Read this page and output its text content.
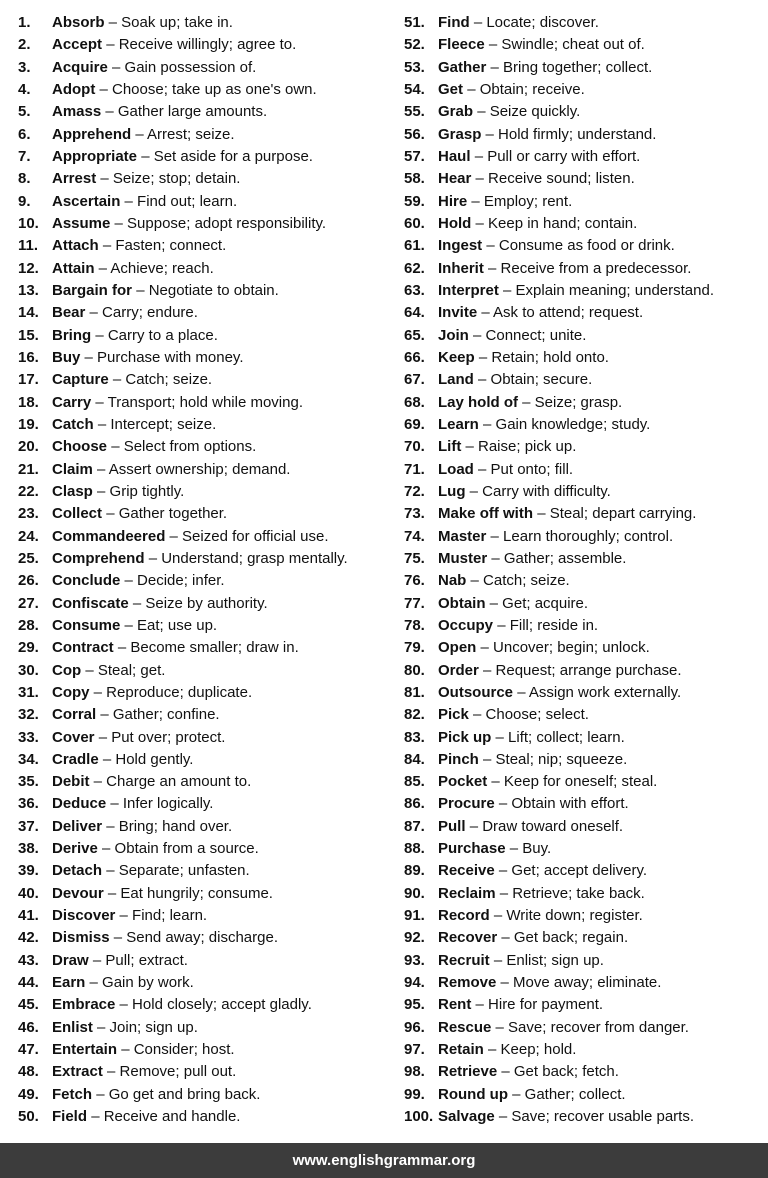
1. Absorb – Soak up; take in.
2. Accept – Receive willingly; agree to.
3. Acquire – Gain possession of.
4. Adopt – Choose; take up as one's own.
5. Amass – Gather large amounts.
6. Apprehend – Arrest; seize.
7. Appropriate – Set aside for a purpose.
8. Arrest – Seize; stop; detain.
9. Ascertain – Find out; learn.
10. Assume – Suppose; adopt responsibility.
11. Attach – Fasten; connect.
12. Attain – Achieve; reach.
13. Bargain for – Negotiate to obtain.
14. Bear – Carry; endure.
15. Bring – Carry to a place.
16. Buy – Purchase with money.
17. Capture – Catch; seize.
18. Carry – Transport; hold while moving.
19. Catch – Intercept; seize.
20. Choose – Select from options.
21. Claim – Assert ownership; demand.
22. Clasp – Grip tightly.
23. Collect – Gather together.
24. Commandeered – Seized for official use.
25. Comprehend – Understand; grasp mentally.
26. Conclude – Decide; infer.
27. Confiscate – Seize by authority.
28. Consume – Eat; use up.
29. Contract – Become smaller; draw in.
30. Cop – Steal; get.
31. Copy – Reproduce; duplicate.
32. Corral – Gather; confine.
33. Cover – Put over; protect.
34. Cradle – Hold gently.
35. Debit – Charge an amount to.
36. Deduce – Infer logically.
37. Deliver – Bring; hand over.
38. Derive – Obtain from a source.
39. Detach – Separate; unfasten.
40. Devour – Eat hungrily; consume.
41. Discover – Find; learn.
42. Dismiss – Send away; discharge.
43. Draw – Pull; extract.
44. Earn – Gain by work.
45. Embrace – Hold closely; accept gladly.
46. Enlist – Join; sign up.
47. Entertain – Consider; host.
48. Extract – Remove; pull out.
49. Fetch – Go get and bring back.
50. Field – Receive and handle.
51. Find – Locate; discover.
52. Fleece – Swindle; cheat out of.
53. Gather – Bring together; collect.
54. Get – Obtain; receive.
55. Grab – Seize quickly.
56. Grasp – Hold firmly; understand.
57. Haul – Pull or carry with effort.
58. Hear – Receive sound; listen.
59. Hire – Employ; rent.
60. Hold – Keep in hand; contain.
61. Ingest – Consume as food or drink.
62. Inherit – Receive from a predecessor.
63. Interpret – Explain meaning; understand.
64. Invite – Ask to attend; request.
65. Join – Connect; unite.
66. Keep – Retain; hold onto.
67. Land – Obtain; secure.
68. Lay hold of – Seize; grasp.
69. Learn – Gain knowledge; study.
70. Lift – Raise; pick up.
71. Load – Put onto; fill.
72. Lug – Carry with difficulty.
73. Make off with – Steal; depart carrying.
74. Master – Learn thoroughly; control.
75. Muster – Gather; assemble.
76. Nab – Catch; seize.
77. Obtain – Get; acquire.
78. Occupy – Fill; reside in.
79. Open – Uncover; begin; unlock.
80. Order – Request; arrange purchase.
81. Outsource – Assign work externally.
82. Pick – Choose; select.
83. Pick up – Lift; collect; learn.
84. Pinch – Steal; nip; squeeze.
85. Pocket – Keep for oneself; steal.
86. Procure – Obtain with effort.
87. Pull – Draw toward oneself.
88. Purchase – Buy.
89. Receive – Get; accept delivery.
90. Reclaim – Retrieve; take back.
91. Record – Write down; register.
92. Recover – Get back; regain.
93. Recruit – Enlist; sign up.
94. Remove – Move away; eliminate.
95. Rent – Hire for payment.
96. Rescue – Save; recover from danger.
97. Retain – Keep; hold.
98. Retrieve – Get back; fetch.
99. Round up – Gather; collect.
100. Salvage – Save; recover usable parts.
www.englishgrammar.org
